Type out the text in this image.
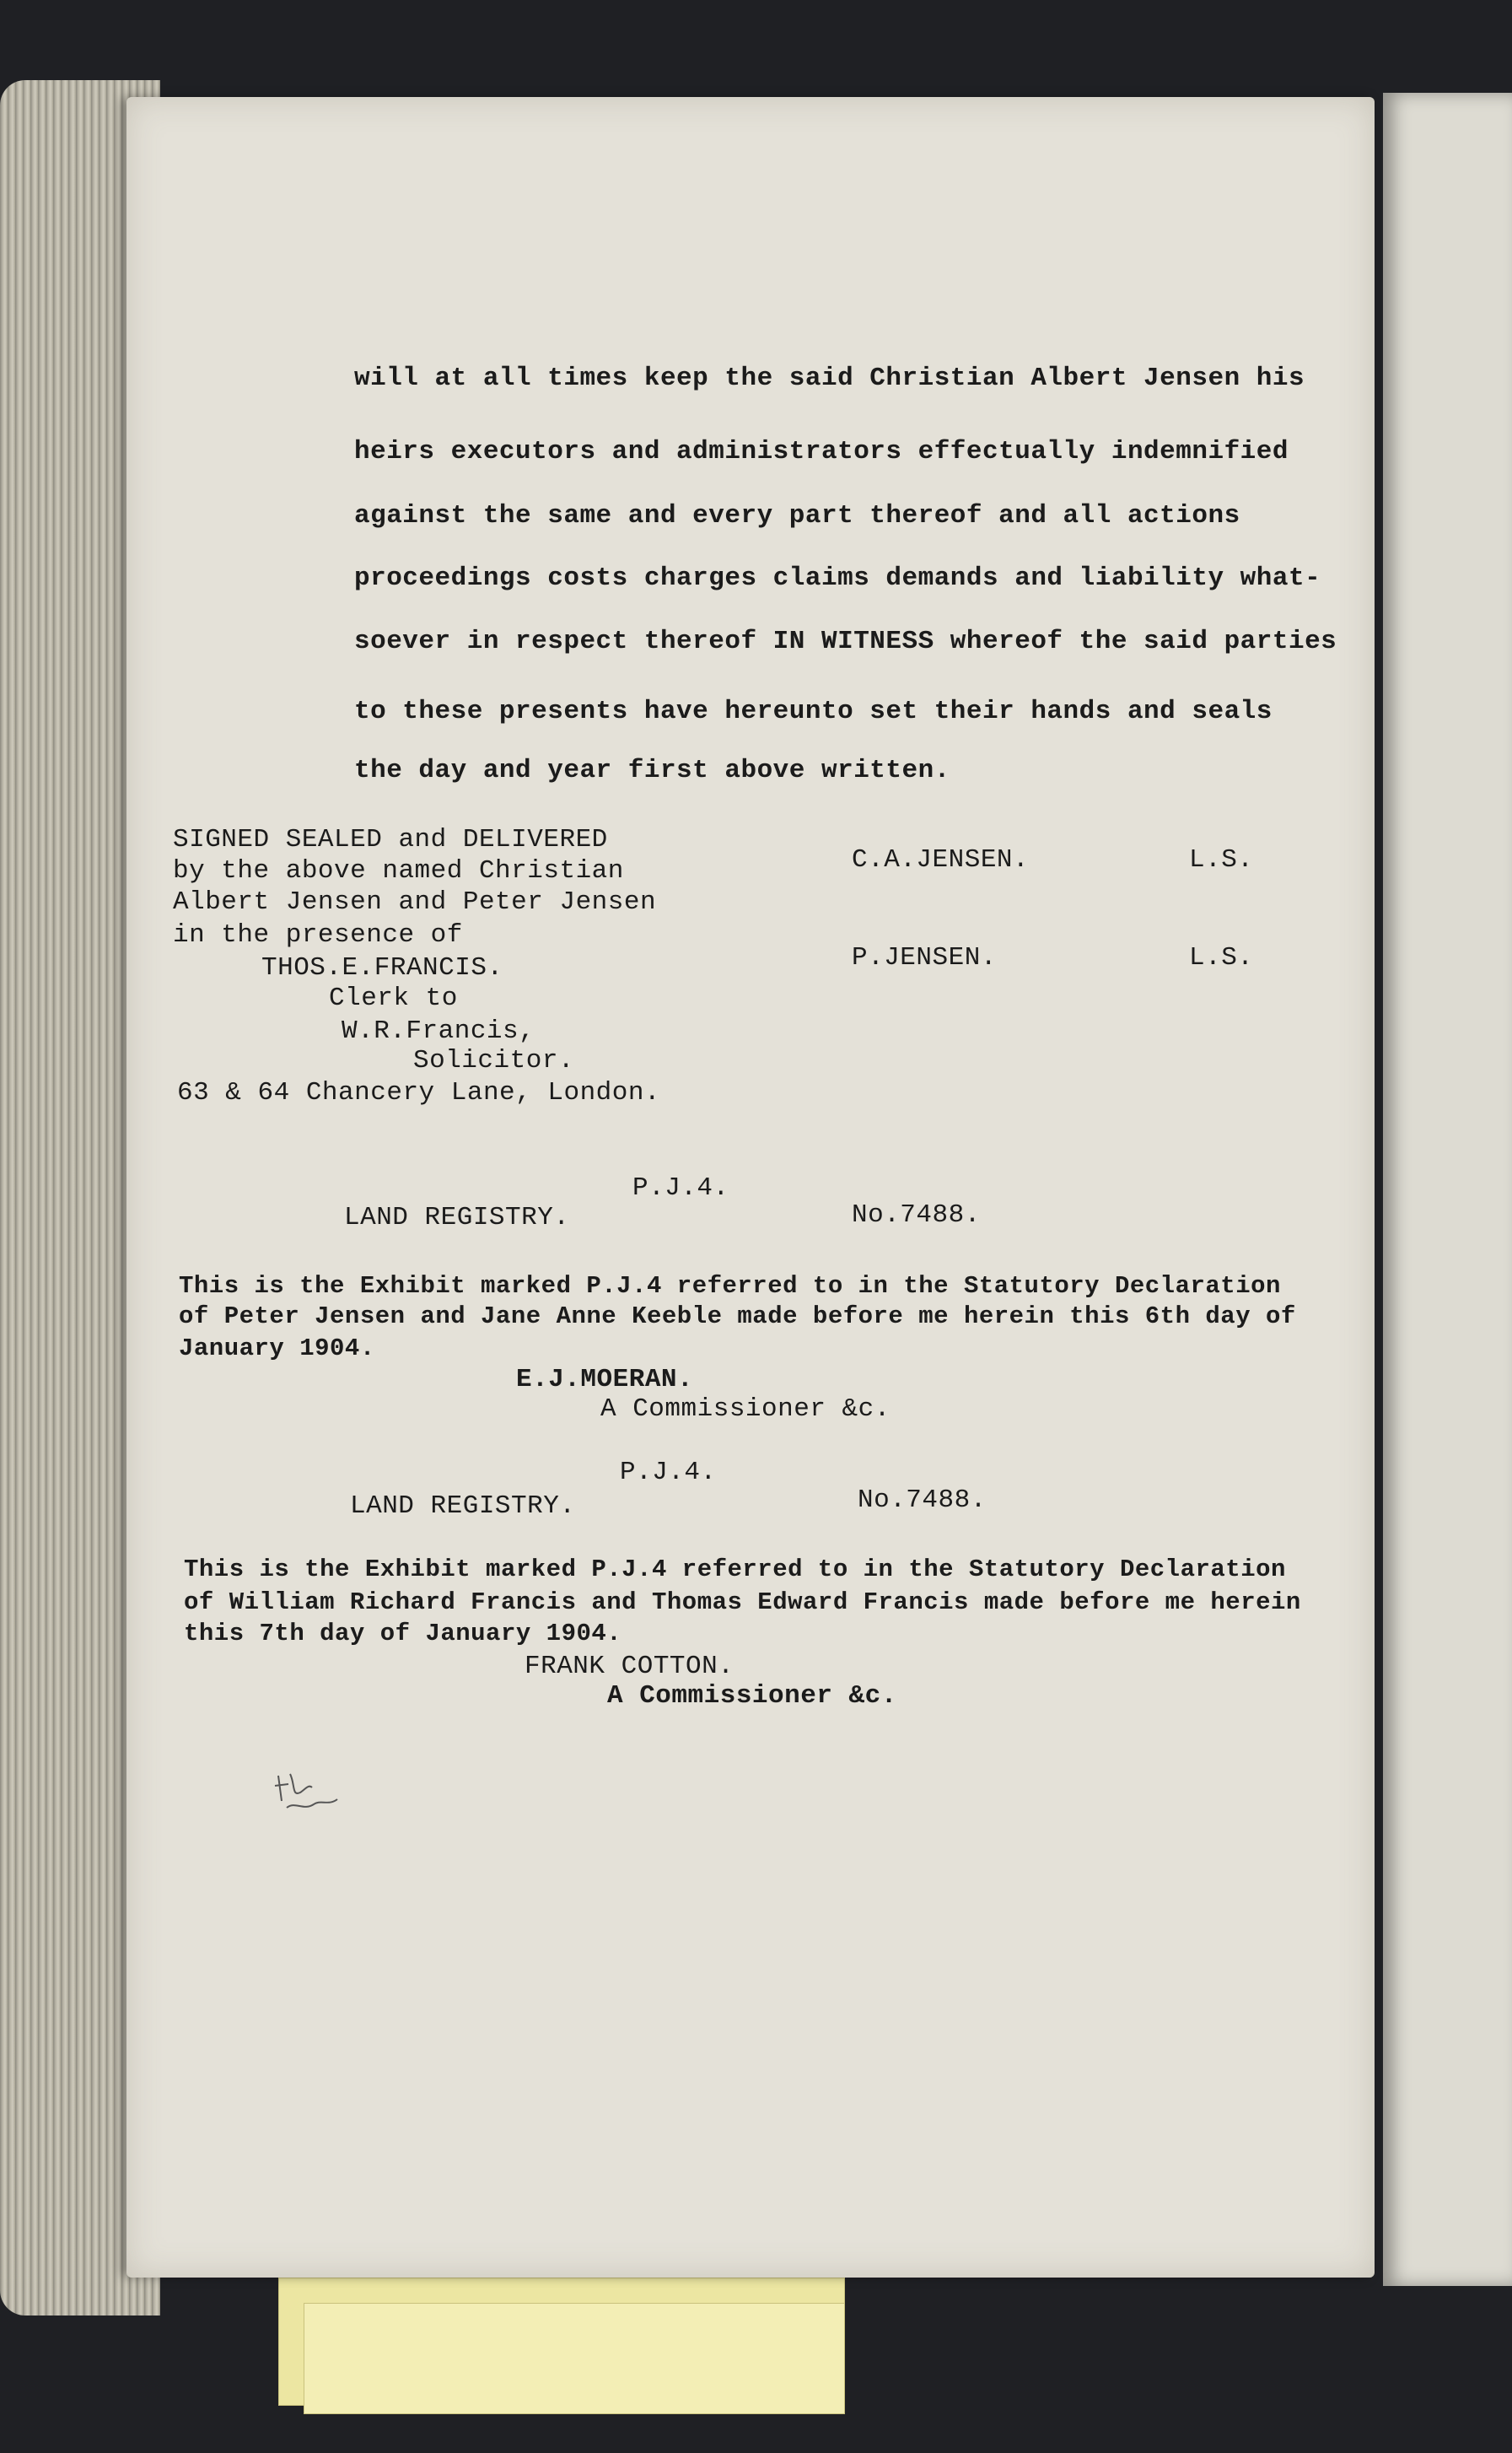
will at all times keep the said Christian Albert Jensen his
heirs executors and administrators effectually indemnified
against the same and every part thereof and all actions
proceedings costs charges claims demands and liability what-
soever in respect thereof IN WITNESS whereof the said parties
to these presents have hereunto set their hands and seals
the day and year first above written.
SIGNED SEALED and DELIVERED
by the above named Christian
Albert Jensen and Peter Jensen
in the presence of
THOS.E.FRANCIS.
Clerk to
W.R.Francis,
Solicitor.
63 & 64 Chancery Lane, London.
C.A.JENSEN.	L.S.
P.JENSEN.	L.S.
P.J.4.
LAND REGISTRY.	No.7488.
This is the Exhibit marked P.J.4 referred to in the Statutory Declaration
of Peter Jensen and Jane Anne Keeble made before me herein this 6th day of
January 1904.
E.J.MOERAN.
A Commissioner &c.
P.J.4.
LAND REGISTRY.	No.7488.
This is the Exhibit marked P.J.4 referred to in the Statutory Declaration
of William Richard Francis and Thomas Edward Francis made before me herein
this 7th day of January 1904.
FRANK COTTON.
A Commissioner &c.
